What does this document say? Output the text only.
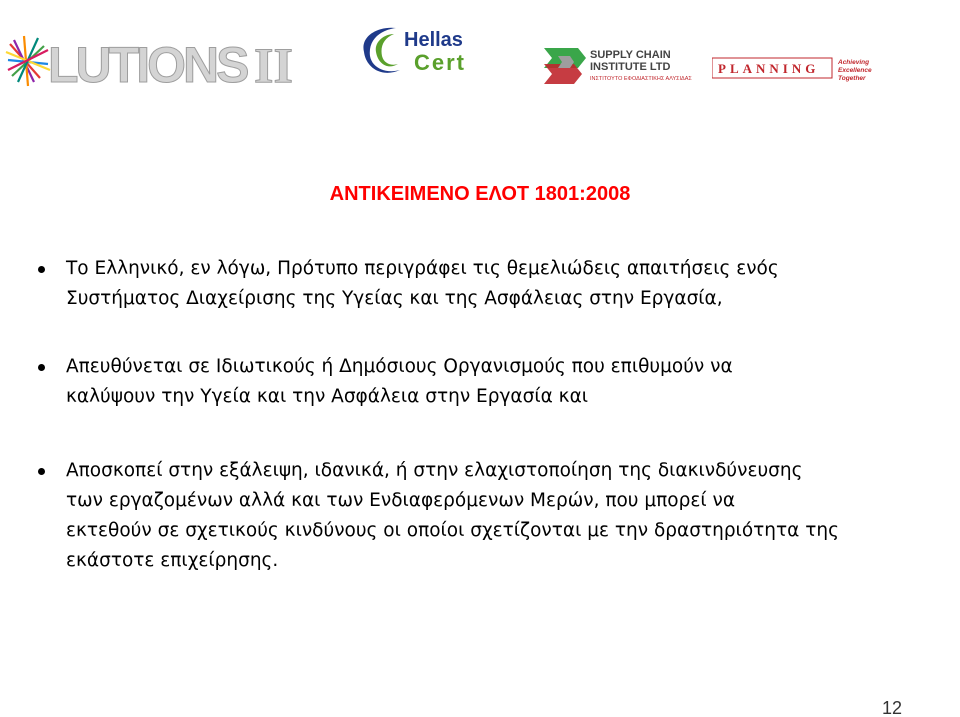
LUTIONS II	Hellas
Cert	SUPPLY CHAIN
INSTITUTE LTD
ΙΝΣΤΙΤΟΥΤΟ ΕΦΟΔΙΑΣΤΙΚΗΣ ΑΛΥΣΙΔΑΣ
PLANNING	Achieving
Excellence
Together
ΑΝΤΙΚΕΙΜΕΝΟ ΕΛΟΤ 1801:2008
Το Ελληνικό, εν λόγω, Πρότυπο περιγράφει τις θεμελιώδεις απαιτήσεις ενός
Συστήματος Διαχείρισης της Υγείας και της Ασφάλειας στην Εργασία,
Απευθύνεται σε Ιδιωτικούς ή Δημόσιους Οργανισμούς που επιθυμούν να
καλύψουν την Υγεία και την Ασφάλεια στην Εργασία και
Αποσκοπεί στην εξάλειψη, ιδανικά, ή στην ελαχιστοποίηση της διακινδύνευσης
των εργαζομένων αλλά και των Ενδιαφερόμενων Μερών, που μπορεί να
εκτεθούν σε σχετικούς κινδύνους οι οποίοι σχετίζονται με την δραστηριότητα της
εκάστοτε επιχείρησης.
12
